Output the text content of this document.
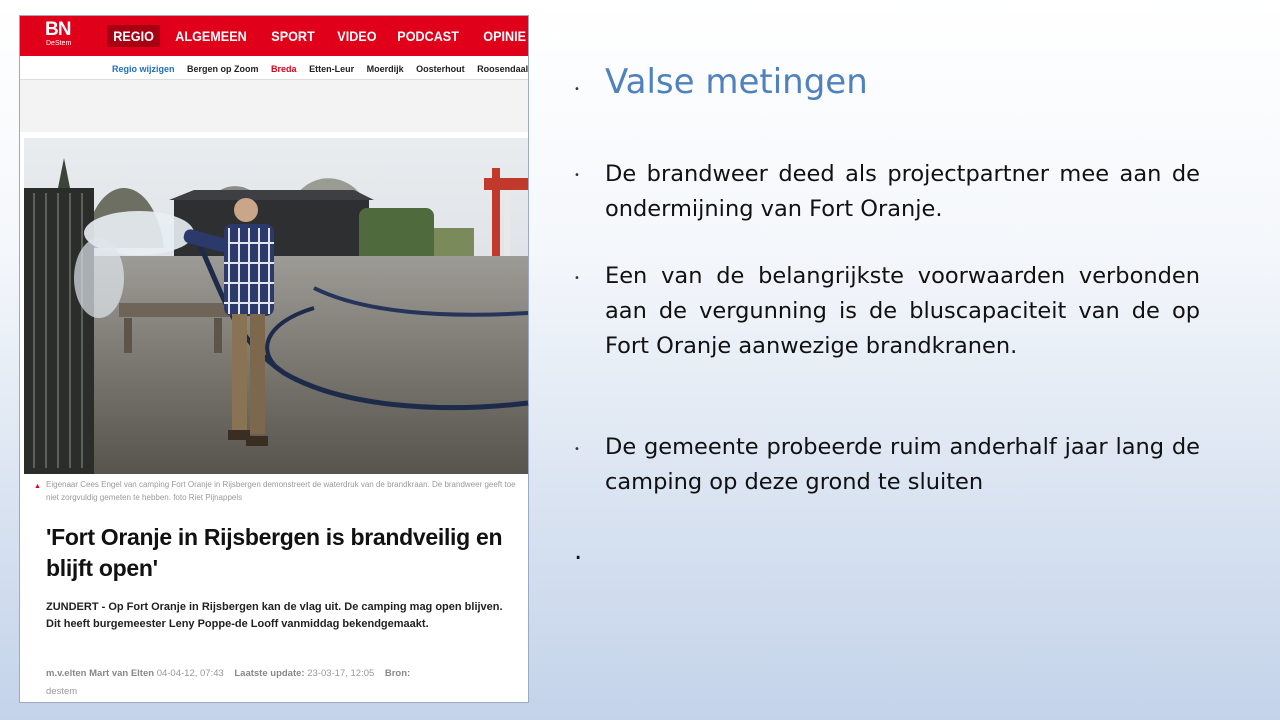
BN
DeStem	REGIO	ALGEMEEN	SPORT	VIDEO	PODCAST	OPINIE	PU
Regio wijzigen Bergen op Zoom Breda Etten-Leur Moerdijk Oosterhout Roosendaal
▲ Eigenaar Cees Engel van camping Fort Oranje in Rijsbergen demonstreert de waterdruk van de brandkraan. De brandweer geeft toe niet zorgvuldig gemeten te hebben. foto Riet Pijnappels
'Fort Oranje in Rijsbergen is brandveilig en blijft open'
ZUNDERT - Op Fort Oranje in Rijsbergen kan de vlag uit. De camping mag open blijven. Dit heeft burgemeester Leny Poppe-de Looff vanmiddag bekendgemaakt.
m.v.elten Mart van Elten 04-04-12, 07:43 Laatste update: 23-03-17, 12:05 Bron:
destem
• Valse metingen
• De brandweer deed als projectpartner mee aan de ondermijning van Fort Oranje.
• Een van de belangrijkste voorwaarden verbonden aan de vergunning is de bluscapaciteit van de op Fort Oranje aanwezige brandkranen.
• De gemeente probeerde ruim anderhalf jaar lang de camping op deze grond te sluiten
.
